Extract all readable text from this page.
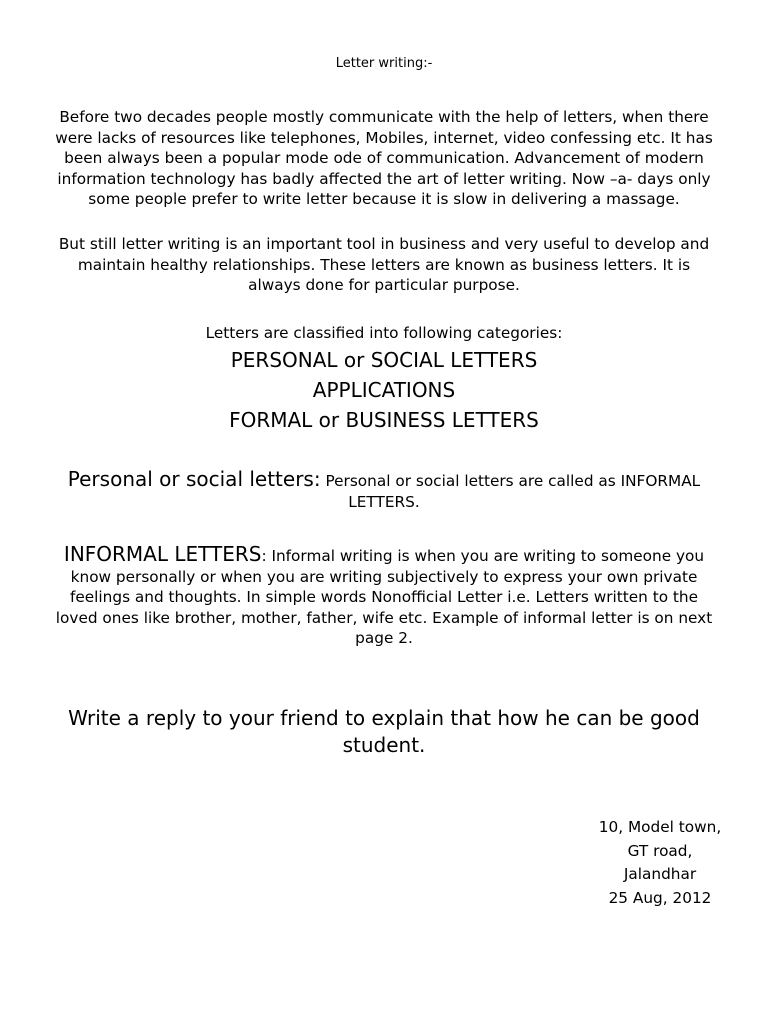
Letter writing:-

Before two decades people mostly communicate with the help of letters, when there were lacks of resources like telephones, Mobiles, internet, video confessing etc. It has been always been a popular mode ode of communication. Advancement of modern information technology has badly affected the art of letter writing. Now –a- days only some people prefer to write letter because it is slow in delivering a massage.

But still letter writing is an important tool in business and very useful to develop and maintain healthy relationships. These letters are known as business letters. It is always done for particular purpose.

Letters are classified into following categories:
PERSONAL or SOCIAL LETTERS
APPLICATIONS
FORMAL or BUSINESS LETTERS

Personal or social letters: Personal or social letters are called as INFORMAL LETTERS.

INFORMAL LETTERS: Informal writing is when you are writing to someone you know personally or when you are writing subjectively to express your own private feelings and thoughts. In simple words Nonofficial Letter i.e. Letters written to the loved ones like brother, mother, father, wife etc. Example of informal letter is on next page 2.

Write a reply to your friend to explain that how he can be good student.

10, Model town,
GT road,
Jalandhar
25 Aug, 2012
